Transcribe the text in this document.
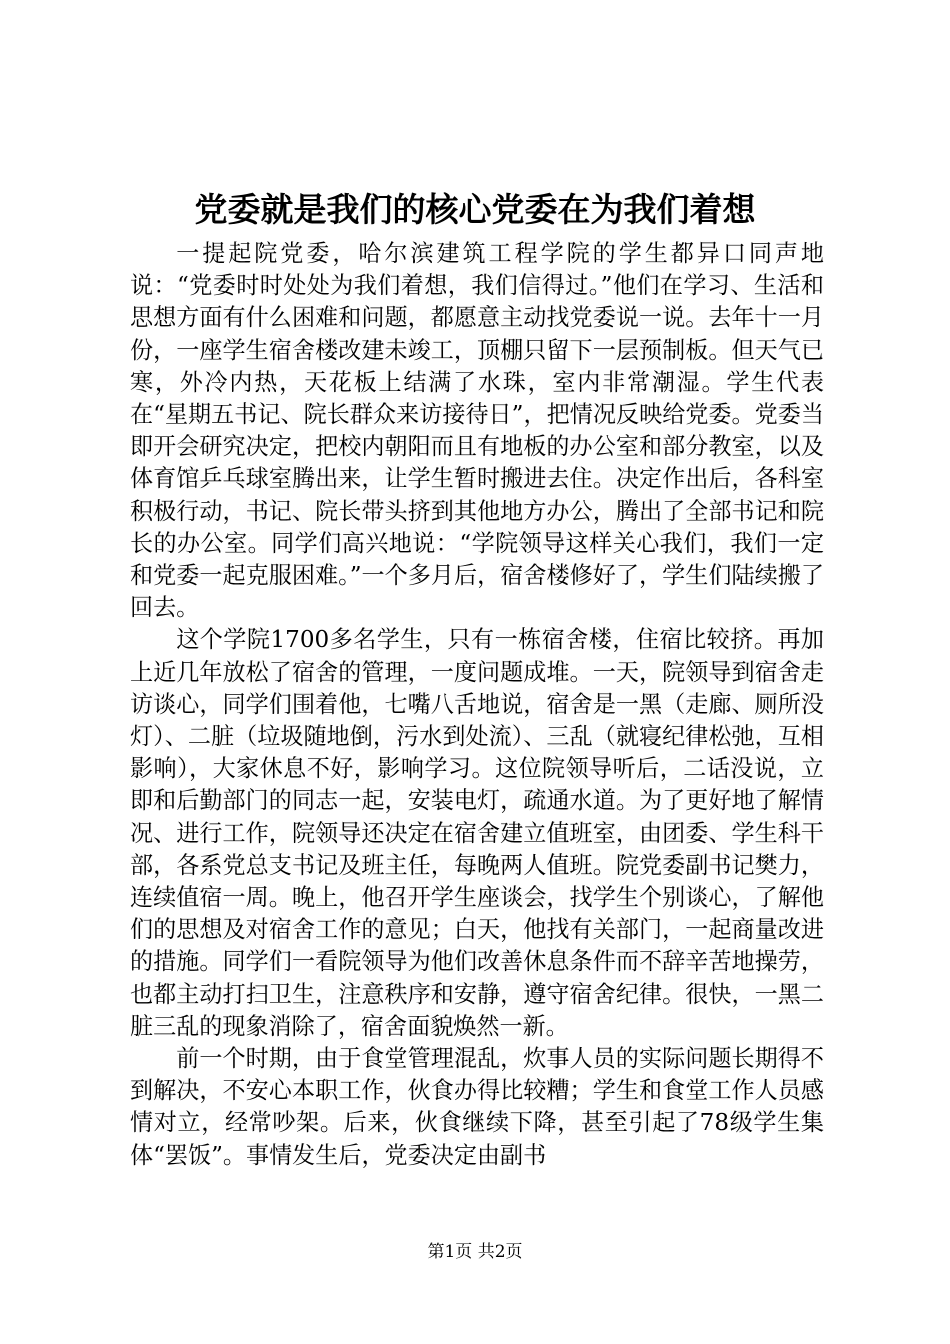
党委就是我们的核心党委在为我们着想

一提起院党委，哈尔滨建筑工程学院的学生都异口同声地说：“党委时时处处为我们着想，我们信得过。”他们在学习、生活和思想方面有什么困难和问题，都愿意主动找党委说一说。去年十一月份，一座学生宿舍楼改建未竣工，顶棚只留下一层预制板。但天气已寒，外冷内热，天花板上结满了水珠，室内非常潮湿。学生代表在“星期五书记、院长群众来访接待日”，把情况反映给党委。党委当即开会研究决定，把校内朝阳而且有地板的办公室和部分教室，以及体育馆乒乓球室腾出来，让学生暂时搬进去住。决定作出后，各科室积极行动，书记、院长带头挤到其他地方办公，腾出了全部书记和院长的办公室。同学们高兴地说：“学院领导这样关心我们，我们一定和党委一起克服困难。”一个多月后，宿舍楼修好了，学生们陆续搬了回去。

这个学院1700多名学生，只有一栋宿舍楼，住宿比较挤。再加上近几年放松了宿舍的管理，一度问题成堆。一天，院领导到宿舍走访谈心，同学们围着他，七嘴八舌地说，宿舍是一黑（走廊、厕所没灯）、二脏（垃圾随地倒，污水到处流）、三乱（就寝纪律松弛，互相影响），大家休息不好，影响学习。这位院领导听后，二话没说，立即和后勤部门的同志一起，安装电灯，疏通水道。为了更好地了解情况、进行工作，院领导还决定在宿舍建立值班室，由团委、学生科干部，各系党总支书记及班主任，每晚两人值班。院党委副书记樊力，连续值宿一周。晚上，他召开学生座谈会，找学生个别谈心，了解他们的思想及对宿舍工作的意见；白天，他找有关部门，一起商量改进的措施。同学们一看院领导为他们改善休息条件而不辞辛苦地操劳，也都主动打扫卫生，注意秩序和安静，遵守宿舍纪律。很快，一黑二脏三乱的现象消除了，宿舍面貌焕然一新。

前一个时期，由于食堂管理混乱，炊事人员的实际问题长期得不到解决，不安心本职工作，伙食办得比较糟；学生和食堂工作人员感情对立，经常吵架。后来，伙食继续下降，甚至引起了78级学生集体“罢饭”。事情发生后，党委决定由副书

第1页 共2页
